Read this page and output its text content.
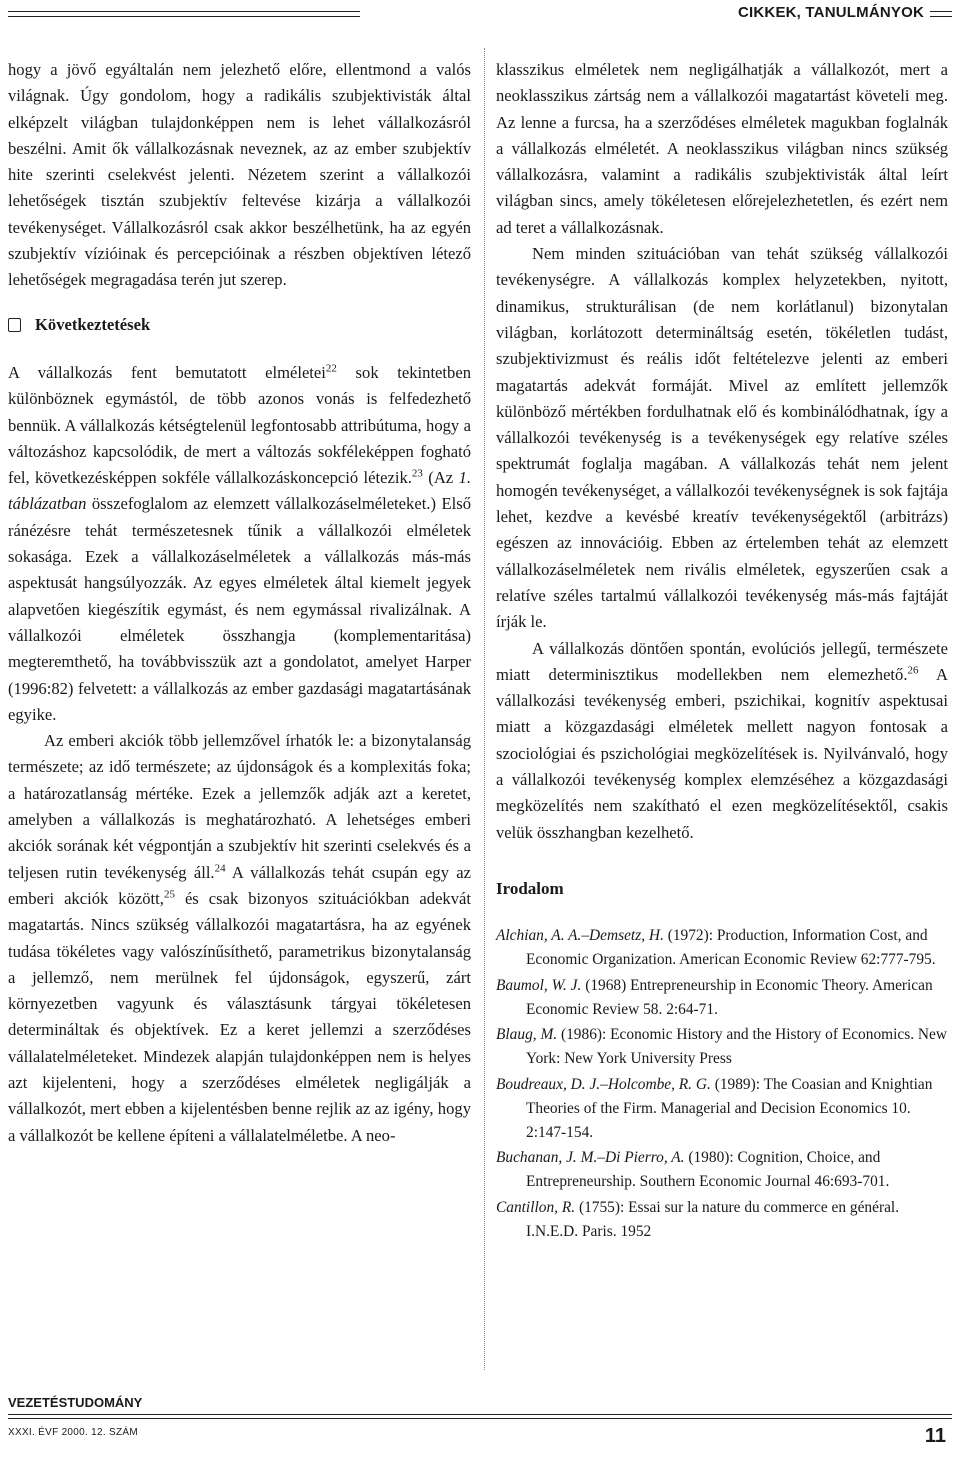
CIKKEK, TANULMÁNYOK

hogy a jövő egyáltalán nem jelezhető előre, ellentmond a valós világnak. Úgy gondolom, hogy a radikális szubjektivisták által elképzelt világban tulajdonképpen nem is lehet vállalkozásról beszélni. Amit ők vállalkozásnak neveznek, az az ember szubjektív hite szerinti cselekvést jelenti. Nézetem szerint a vállalkozói lehetőségek tisztán szubjektív feltevése kizárja a vállalkozói tevékenységet. Vállalkozásról csak akkor beszélhetünk, ha az egyén szubjektív vízióinak és percepcióinak a részben objektíven létező lehetőségek megragadása terén jut szerep.

Következtetések

A vállalkozás fent bemutatott elméletei$^{22}$ sok tekintetben különböznek egymástól, de több azonos vonás is felfedezhető bennük. A vállalkozás kétségtelenül legfontosabb attribútuma, hogy a változáshoz kapcsolódik, de mert a változás sokféleképpen fogható fel, következésképpen sokféle vállalkozáskoncepció létezik.$^{23}$ (Az 1. táblázatban összefoglalom az elemzett vállalkozáselméleteket.) Első ránézésre tehát természetesnek tűnik a vállalkozói elméletek sokasága. Ezek a vállalkozáselméletek a vállalkozás más-más aspektusát hangsúlyozzák. Az egyes elméletek által kiemelt jegyek alapvetően kiegészítik egymást, és nem egymással rivalizálnak. A vállalkozói elméletek összhangja (komplementaritása) megteremthető, ha továbbvisszük azt a gondolatot, amelyet Harper (1996:82) felvetett: a vállalkozás az ember gazdasági magatartásának egyike.

Az emberi akciók több jellemzővel írhatók le: a bizonytalanság természete; az idő természete; az újdonságok és a komplexitás foka; a határozatlanság mértéke. Ezek a jellemzők adják azt a keretet, amelyben a vállalkozás is meghatározható. A lehetséges emberi akciók sorának két végpontján a szubjektív hit szerinti cselekvés és a teljesen rutin tevékenység áll.$^{24}$ A vállalkozás tehát csupán egy az emberi akciók között,$^{25}$ és csak bizonyos szituációkban adekvát magatartás. Nincs szükség vállalkozói magatartásra, ha az egyének tudása tökéletes vagy valószínűsíthető, parametrikus bizonytalanság a jellemző, nem merülnek fel újdonságok, egyszerű, zárt környezetben vagyunk és választásunk tárgyai tökéletesen determináltak és objektívek. Ez a keret jellemzi a szerződéses vállalatelméleteket. Mindezek alapján tulajdonképpen nem is helyes azt kijelenteni, hogy a szerződéses elméletek negligálják a vállalkozót, mert ebben a kijelentésben benne rejlik az az igény, hogy a vállalkozót be kellene építeni a vállalatelméletbe. A neo-

klasszikus elméletek nem negligálhatják a vállalkozót, mert a neoklasszikus zártság nem a vállalkozói magatartást követeli meg. Az lenne a furcsa, ha a szerződéses elméletek magukban foglalnák a vállalkozás elméletét. A neoklasszikus világban nincs szükség vállalkozásra, valamint a radikális szubjektivisták által leírt világban sincs, amely tökéletesen előrejelezhetetlen, és ezért nem ad teret a vállalkozásnak.

Nem minden szituációban van tehát szükség vállalkozói tevékenységre. A vállalkozás komplex helyzetekben, nyitott, dinamikus, strukturálisan (de nem korlátlanul) bizonytalan világban, korlátozott determináltság esetén, tökéletlen tudást, szubjektivizmust és reális időt feltételezve jelenti az emberi magatartás adekvát formáját. Mivel az említett jellemzők különböző mértékben fordulhatnak elő és kombinálódhatnak, így a vállalkozói tevékenység is a tevékenységek egy relatíve széles spektrumát foglalja magában. A vállalkozás tehát nem jelent homogén tevékenységet, a vállalkozói tevékenységnek is sok fajtája lehet, kezdve a kevésbé kreatív tevékenységektől (arbitrázs) egészen az innovációig. Ebben az értelemben tehát az elemzett vállalkozáselméletek nem rivális elméletek, egyszerűen csak a relatíve széles tartalmú vállalkozói tevékenység más-más fajtáját írják le.

A vállalkozás döntően spontán, evolúciós jellegű, természete miatt determinisztikus modellekben nem elemezhető.$^{26}$ A vállalkozási tevékenység emberi, pszichikai, kognitív aspektusai miatt a közgazdasági elméletek mellett nagyon fontosak a szociológiai és pszichológiai megközelítések is. Nyilvánvaló, hogy a vállalkozói tevékenység komplex elemzéséhez a közgazdasági megközelítés nem szakítható el ezen megközelítésektől, csakis velük összhangban kezelhető.

Irodalom

Alchian, A. A.–Demsetz, H. (1972): Production, Information Cost, and Economic Organization. American Economic Review 62:777-795.

Baumol, W. J. (1968) Entrepreneurship in Economic Theory. American Economic Review 58. 2:64-71.

Blaug, M. (1986): Economic History and the History of Economics. New York: New York University Press

Boudreaux, D. J.–Holcombe, R. G. (1989): The Coasian and Knightian Theories of the Firm. Managerial and Decision Economics 10. 2:147-154.

Buchanan, J. M.–Di Pierro, A. (1980): Cognition, Choice, and Entrepreneurship. Southern Economic Journal 46:693-701.

Cantillon, R. (1755): Essai sur la nature du commerce en général. I.N.E.D. Paris. 1952

VEZETÉSTUDOMÁNY
XXXI. ÉVF 2000. 12. SZÁM	11
